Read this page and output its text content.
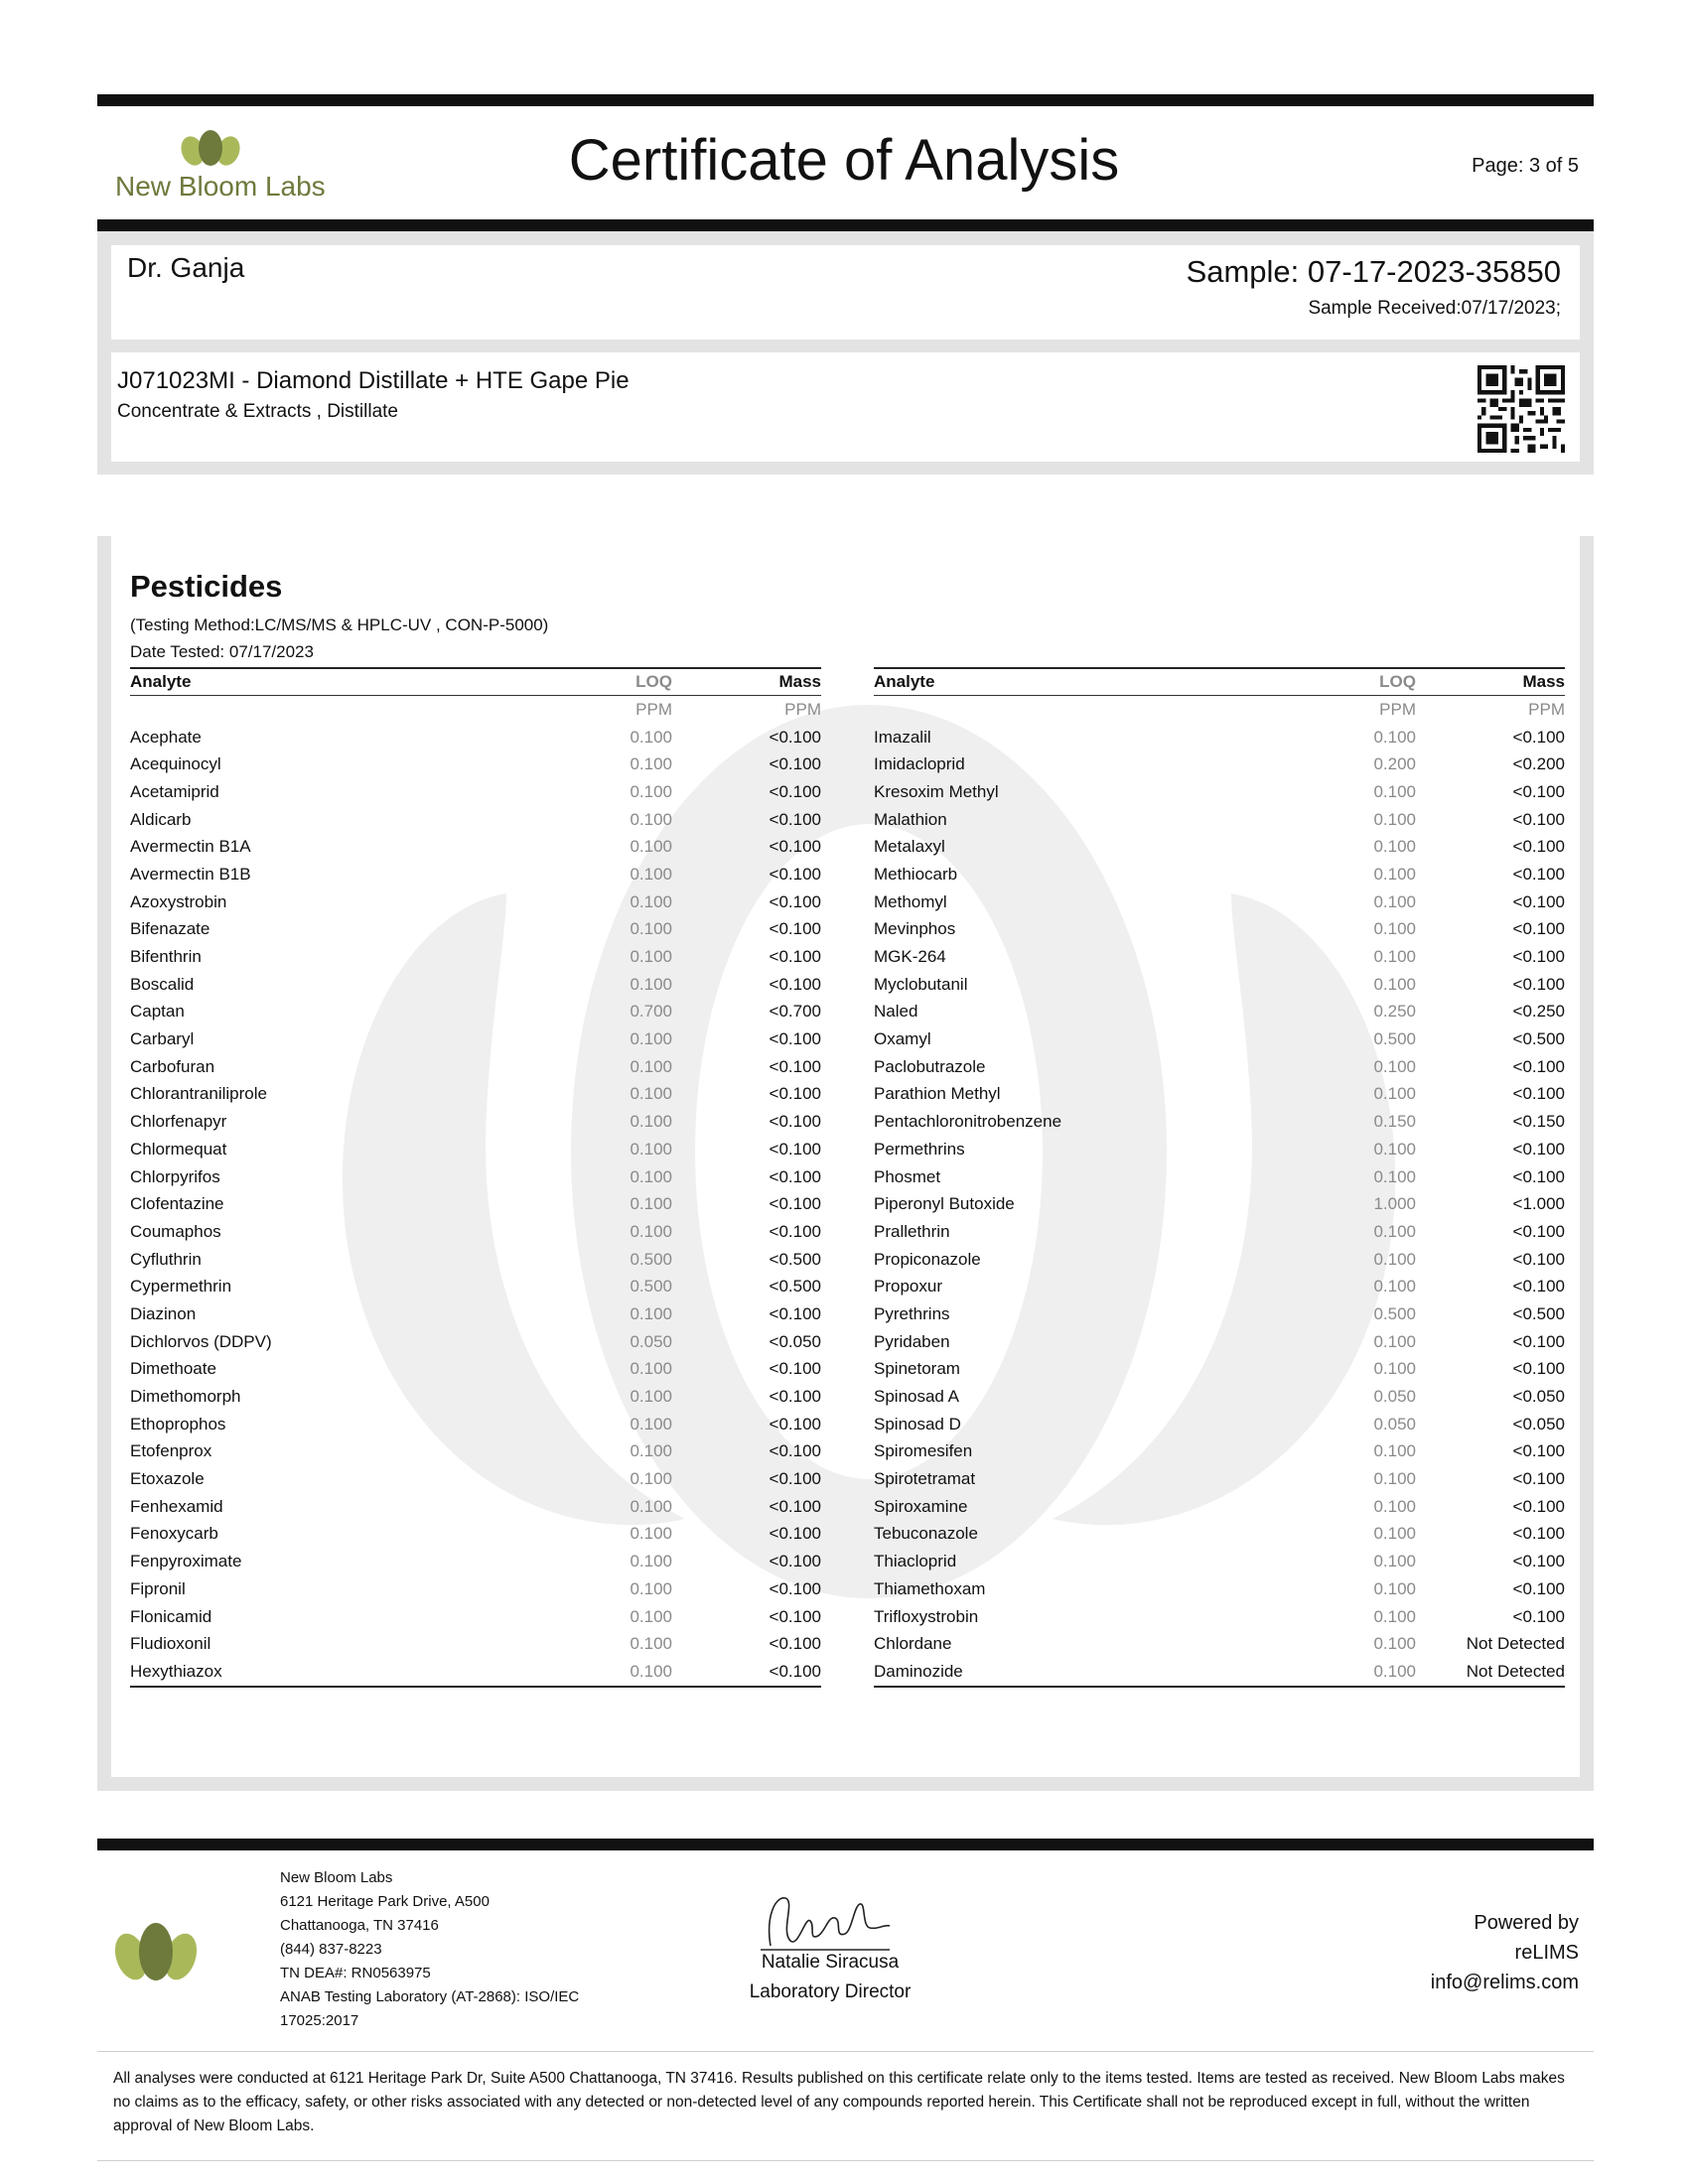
New Bloom Labs	Certificate of Analysis	Page: 3 of 5
Dr. Ganja	Sample: 07-17-2023-35850
Sample Received:07/17/2023;
J071023MI - Diamond Distillate + HTE Gape Pie
Concentrate & Extracts , Distillate
Pesticides
(Testing Method:LC/MS/MS & HPLC-UV , CON-P-5000)
Date Tested: 07/17/2023
Analyte	LOQ	Mass
	PPM	PPM
Acephate	0.100	<0.100
Acequinocyl	0.100	<0.100
Acetamiprid	0.100	<0.100
Aldicarb	0.100	<0.100
Avermectin B1A	0.100	<0.100
Avermectin B1B	0.100	<0.100
Azoxystrobin	0.100	<0.100
Bifenazate	0.100	<0.100
Bifenthrin	0.100	<0.100
Boscalid	0.100	<0.100
Captan	0.700	<0.700
Carbaryl	0.100	<0.100
Carbofuran	0.100	<0.100
Chlorantraniliprole	0.100	<0.100
Chlorfenapyr	0.100	<0.100
Chlormequat	0.100	<0.100
Chlorpyrifos	0.100	<0.100
Clofentazine	0.100	<0.100
Coumaphos	0.100	<0.100
Cyfluthrin	0.500	<0.500
Cypermethrin	0.500	<0.500
Diazinon	0.100	<0.100
Dichlorvos (DDPV)	0.050	<0.050
Dimethoate	0.100	<0.100
Dimethomorph	0.100	<0.100
Ethoprophos	0.100	<0.100
Etofenprox	0.100	<0.100
Etoxazole	0.100	<0.100
Fenhexamid	0.100	<0.100
Fenoxycarb	0.100	<0.100
Fenpyroximate	0.100	<0.100
Fipronil	0.100	<0.100
Flonicamid	0.100	<0.100
Fludioxonil	0.100	<0.100
Hexythiazox	0.100	<0.100
Analyte	LOQ	Mass
	PPM	PPM
Imazalil	0.100	<0.100
Imidacloprid	0.200	<0.200
Kresoxim Methyl	0.100	<0.100
Malathion	0.100	<0.100
Metalaxyl	0.100	<0.100
Methiocarb	0.100	<0.100
Methomyl	0.100	<0.100
Mevinphos	0.100	<0.100
MGK-264	0.100	<0.100
Myclobutanil	0.100	<0.100
Naled	0.250	<0.250
Oxamyl	0.500	<0.500
Paclobutrazole	0.100	<0.100
Parathion Methyl	0.100	<0.100
Pentachloronitrobenzene	0.150	<0.150
Permethrins	0.100	<0.100
Phosmet	0.100	<0.100
Piperonyl Butoxide	1.000	<1.000
Prallethrin	0.100	<0.100
Propiconazole	0.100	<0.100
Propoxur	0.100	<0.100
Pyrethrins	0.500	<0.500
Pyridaben	0.100	<0.100
Spinetoram	0.100	<0.100
Spinosad A	0.050	<0.050
Spinosad D	0.050	<0.050
Spiromesifen	0.100	<0.100
Spirotetramat	0.100	<0.100
Spiroxamine	0.100	<0.100
Tebuconazole	0.100	<0.100
Thiacloprid	0.100	<0.100
Thiamethoxam	0.100	<0.100
Trifloxystrobin	0.100	<0.100
Chlordane	0.100	Not Detected
Daminozide	0.100	Not Detected
New Bloom Labs
6121 Heritage Park Drive, A500
Chattanooga, TN 37416
(844) 837-8223
TN DEA#: RN0563975
ANAB Testing Laboratory (AT-2868): ISO/IEC
17025:2017
Natalie Siracusa
Laboratory Director
Powered by
reLIMS
info@relims.com
All analyses were conducted at 6121 Heritage Park Dr, Suite A500 Chattanooga, TN 37416. Results published on this certificate relate only to the items tested. Items are tested as received. New Bloom Labs makes no claims as to the efficacy, safety, or other risks associated with any detected or non-detected level of any compounds reported herein. This Certificate shall not be reproduced except in full, without the written approval of New Bloom Labs.
